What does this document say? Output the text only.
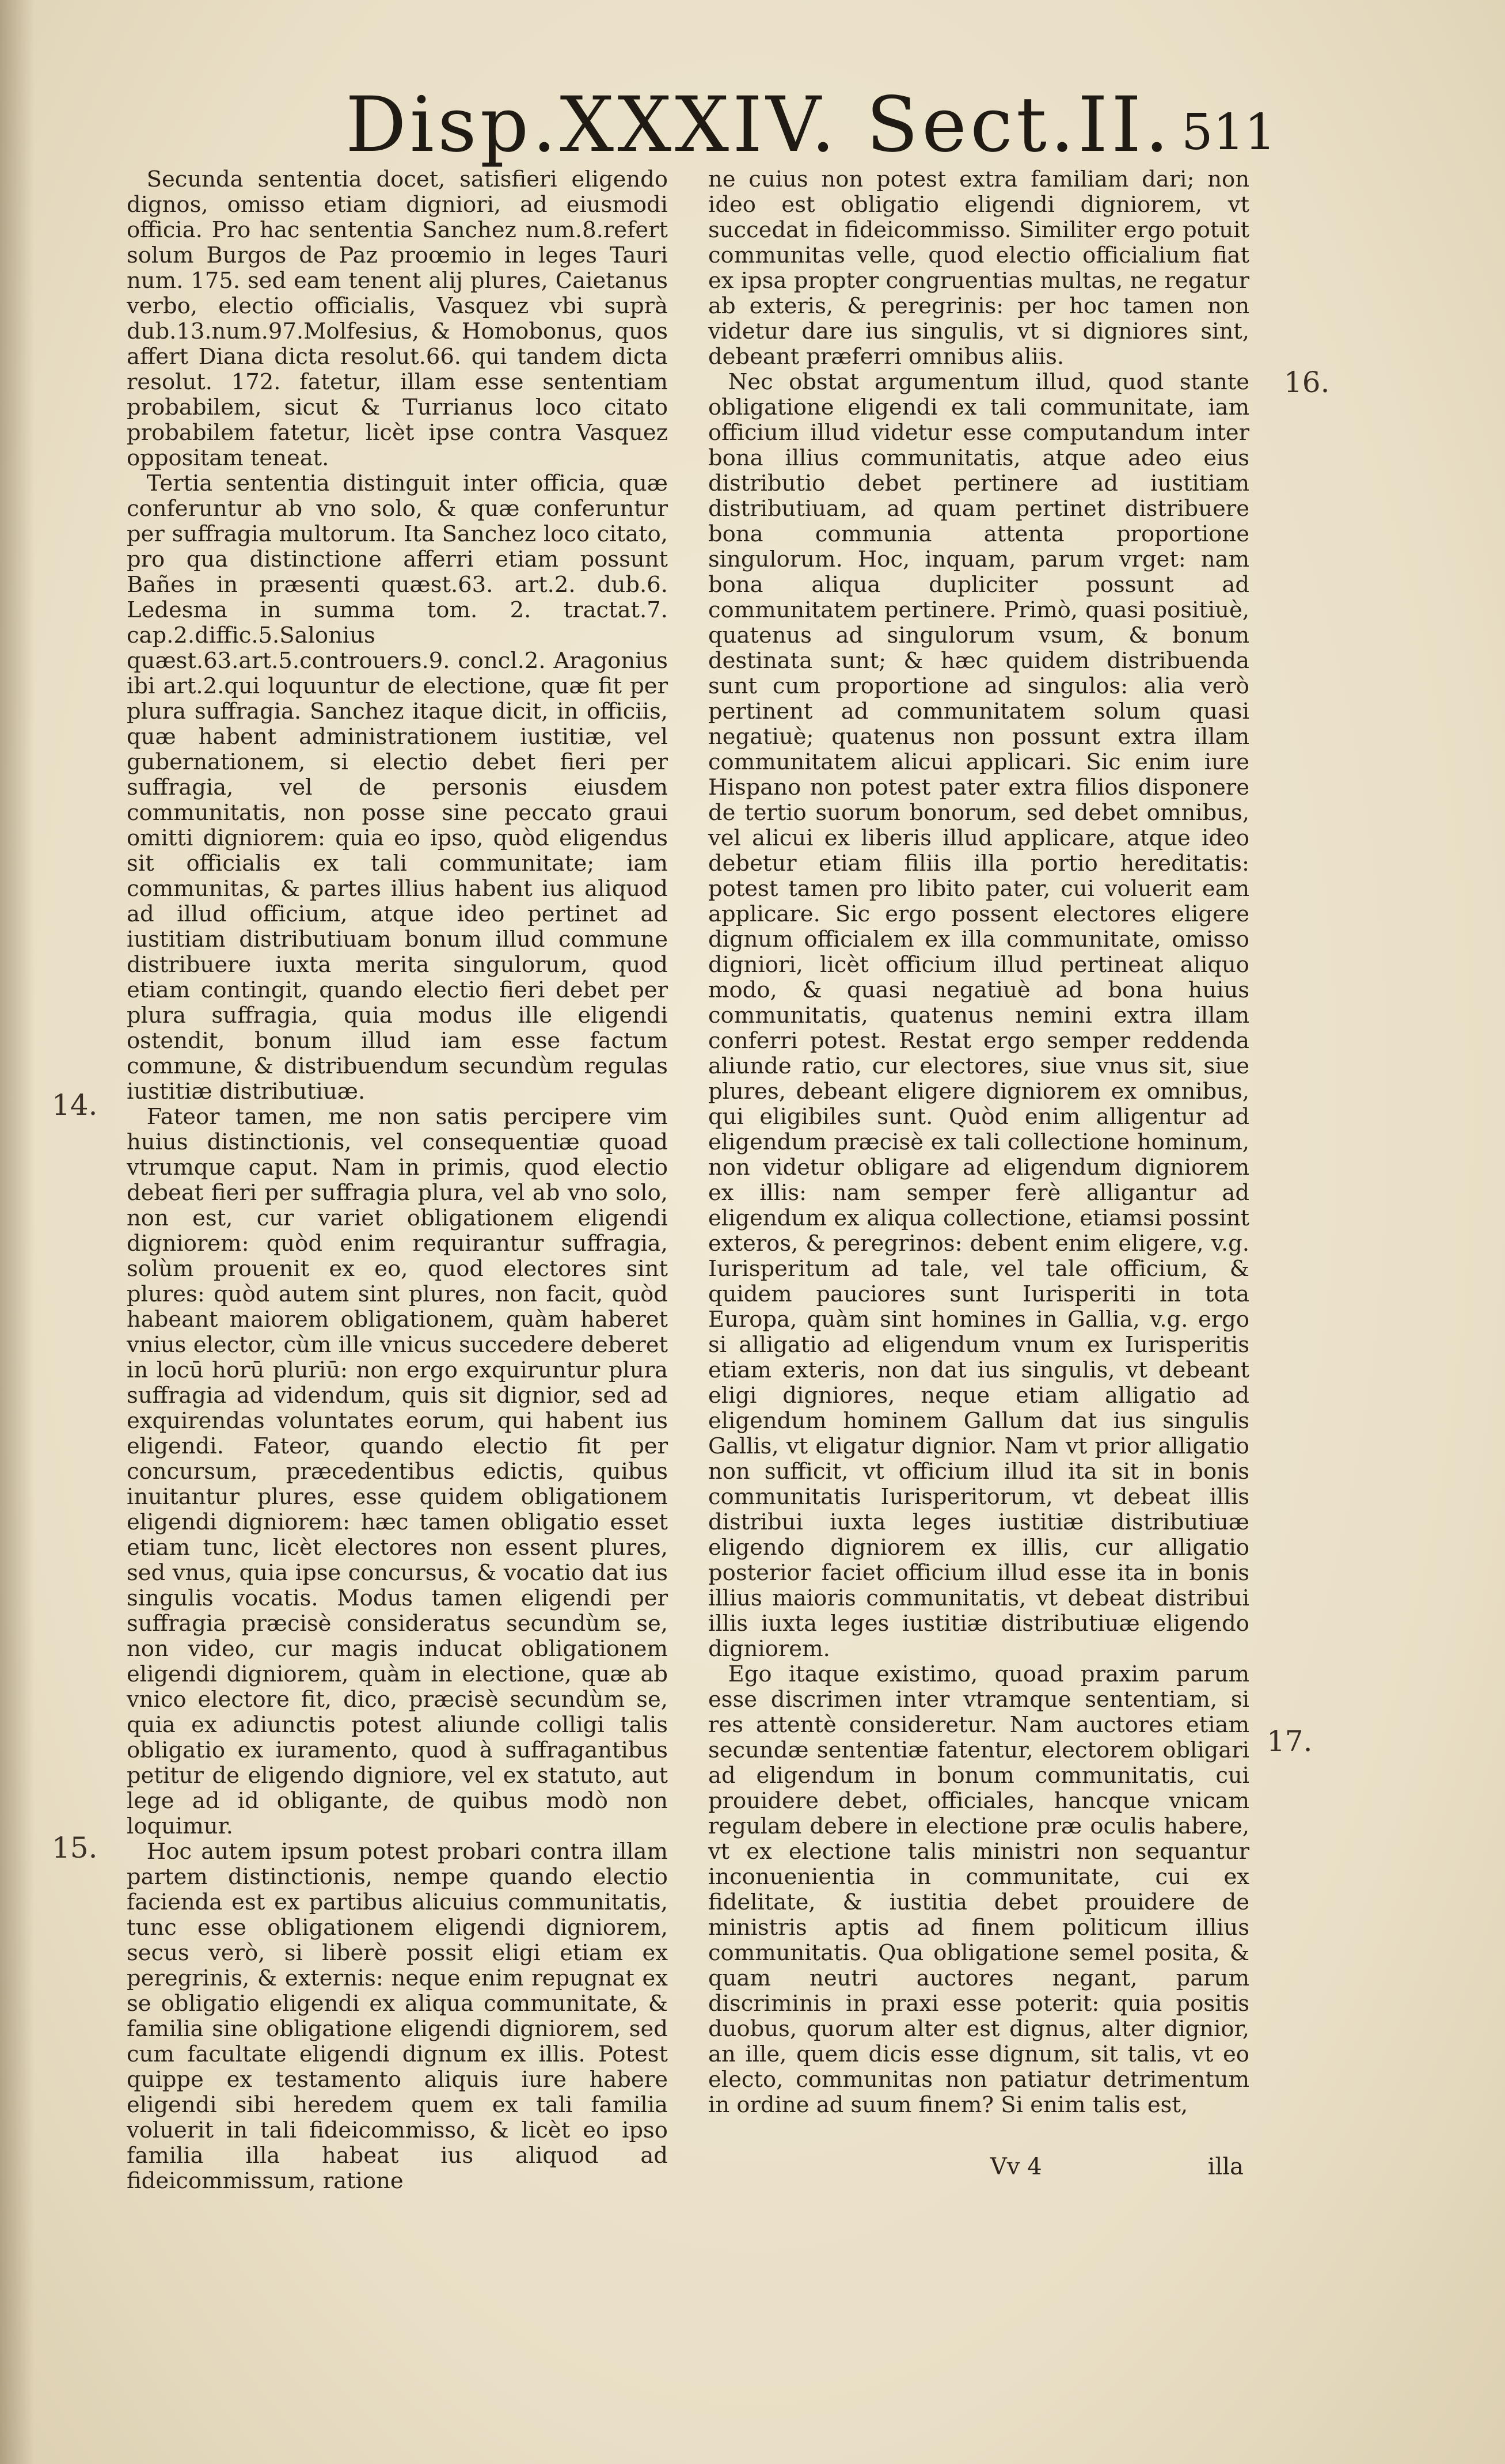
Disp.XXXIV. Sect.II. 511

Secunda sententia docet, satisfieri eligendo dignos, omisso etiam digniori, ad eiusmodi officia. Pro hac sententia Sanchez num.8.refert solum Burgos de Paz proœmio in leges Tauri num. 175. sed eam tenent alij plures, Caietanus verbo, electio officialis, Vasquez vbi suprà dub.13.num.97.Molfesius, & Homobonus, quos affert Diana dicta resolut.66. qui tandem dicta resolut. 172. fatetur, illam esse sententiam probabilem, sicut & Turrianus loco citato probabilem fatetur, licèt ipse contra Vasquez oppositam teneat.

Tertia sententia distinguit inter officia, quæ conferuntur ab vno solo, & quæ conferuntur per suffragia multorum. Ita Sanchez loco citato, pro qua distinctione afferri etiam possunt Bañes in præsenti quæst.63. art.2. dub.6. Ledesma in summa tom. 2. tractat.7. cap.2.diffic.5.Salonius quæst.63.art.5.controuers.9. concl.2. Aragonius ibi art.2.qui loquuntur de electione, quæ fit per plura suffragia. Sanchez itaque dicit, in officiis, quæ habent administrationem iustitiæ, vel gubernationem, si electio debet fieri per suffragia, vel de personis eiusdem communitatis, non posse sine peccato graui omitti digniorem: quia eo ipso, quòd eligendus sit officialis ex tali communitate; iam communitas, & partes illius habent ius aliquod ad illud officium, atque ideo pertinet ad iustitiam distributiuam bonum illud commune distribuere iuxta merita singulorum, quod etiam contingit, quando electio fieri debet per plura suffragia, quia modus ille eligendi ostendit, bonum illud iam esse factum commune, & distribuendum secundùm regulas iustitiæ distributiuæ.

Fateor tamen, me non satis percipere vim huius distinctionis, vel consequentiæ quoad vtrumque caput. Nam in primis, quod electio debeat fieri per suffragia plura, vel ab vno solo, non est, cur variet obligationem eligendi digniorem: quòd enim requirantur suffragia, solùm prouenit ex eo, quod electores sint plures: quòd autem sint plures, non facit, quòd habeant maiorem obligationem, quàm haberet vnius elector, cùm ille vnicus succedere deberet in locū horū pluriū: non ergo exquiruntur plura suffragia ad videndum, quis sit dignior, sed ad exquirendas voluntates eorum, qui habent ius eligendi. Fateor, quando electio fit per concursum, præcedentibus edictis, quibus inuitantur plures, esse quidem obligationem eligendi digniorem: hæc tamen obligatio esset etiam tunc, licèt electores non essent plures, sed vnus, quia ipse concursus, & vocatio dat ius singulis vocatis. Modus tamen eligendi per suffragia præcisè consideratus secundùm se, non video, cur magis inducat obligationem eligendi digniorem, quàm in electione, quæ ab vnico electore fit, dico, præcisè secundùm se, quia ex adiunctis potest aliunde colligi talis obligatio ex iuramento, quod à suffragantibus petitur de eligendo digniore, vel ex statuto, aut lege ad id obligante, de quibus modò non loquimur.

Hoc autem ipsum potest probari contra illam partem distinctionis, nempe quando electio facienda est ex partibus alicuius communitatis, tunc esse obligationem eligendi digniorem, secus verò, si liberè possit eligi etiam ex peregrinis, & externis: neque enim repugnat ex se obligatio eligendi ex aliqua communitate, & familia sine obligatione eligendi digniorem, sed cum facultate eligendi dignum ex illis. Potest quippe ex testamento aliquis iure habere eligendi sibi heredem quem ex tali familia voluerit in tali fideicommisso, & licèt eo ipso familia illa habeat ius aliquod ad fideicommissum, ratione

ne cuius non potest extra familiam dari; non ideo est obligatio eligendi digniorem, vt succedat in fideicommisso. Similiter ergo potuit communitas velle, quod electio officialium fiat ex ipsa propter congruentias multas, ne regatur ab exteris, & peregrinis: per hoc tamen non videtur dare ius singulis, vt si digniores sint, debeant præferri omnibus aliis.

Nec obstat argumentum illud, quod stante obligatione eligendi ex tali communitate, iam officium illud videtur esse computandum inter bona illius communitatis, atque adeo eius distributio debet pertinere ad iustitiam distributiuam, ad quam pertinet distribuere bona communia attenta proportione singulorum. Hoc, inquam, parum vrget: nam bona aliqua dupliciter possunt ad communitatem pertinere. Primò, quasi positiuè, quatenus ad singulorum vsum, & bonum destinata sunt; & hæc quidem distribuenda sunt cum proportione ad singulos: alia verò pertinent ad communitatem solum quasi negatiuè; quatenus non possunt extra illam communitatem alicui applicari. Sic enim iure Hispano non potest pater extra filios disponere de tertio suorum bonorum, sed debet omnibus, vel alicui ex liberis illud applicare, atque ideo debetur etiam filiis illa portio hereditatis: potest tamen pro libito pater, cui voluerit eam applicare. Sic ergo possent electores eligere dignum officialem ex illa communitate, omisso digniori, licèt officium illud pertineat aliquo modo, & quasi negatiuè ad bona huius communitatis, quatenus nemini extra illam conferri potest. Restat ergo semper reddenda aliunde ratio, cur electores, siue vnus sit, siue plures, debeant eligere digniorem ex omnibus, qui eligibiles sunt. Quòd enim alligentur ad eligendum præcisè ex tali collectione hominum, non videtur obligare ad eligendum digniorem ex illis: nam semper ferè alligantur ad eligendum ex aliqua collectione, etiamsi possint exteros, & peregrinos: debent enim eligere, v.g. Iurisperitum ad tale, vel tale officium, & quidem pauciores sunt Iurisperiti in tota Europa, quàm sint homines in Gallia, v.g. ergo si alligatio ad eligendum vnum ex Iurisperitis etiam exteris, non dat ius singulis, vt debeant eligi digniores, neque etiam alligatio ad eligendum hominem Gallum dat ius singulis Gallis, vt eligatur dignior. Nam vt prior alligatio non sufficit, vt officium illud ita sit in bonis communitatis Iurisperitorum, vt debeat illis distribui iuxta leges iustitiæ distributiuæ eligendo digniorem ex illis, cur alligatio posterior faciet officium illud esse ita in bonis illius maioris communitatis, vt debeat distribui illis iuxta leges iustitiæ distributiuæ eligendo digniorem.

Ego itaque existimo, quoad praxim parum esse discrimen inter vtramque sententiam, si res attentè consideretur. Nam auctores etiam secundæ sententiæ fatentur, electorem obligari ad eligendum in bonum communitatis, cui prouidere debet, officiales, hancque vnicam regulam debere in electione præ oculis habere, vt ex electione talis ministri non sequantur inconuenientia in communitate, cui ex fidelitate, & iustitia debet prouidere de ministris aptis ad finem politicum illius communitatis. Qua obligatione semel posita, & quam neutri auctores negant, parum discriminis in praxi esse poterit: quia positis duobus, quorum alter est dignus, alter dignior, an ille, quem dicis esse dignum, sit talis, vt eo electo, communitas non patiatur detrimentum in ordine ad suum finem? Si enim talis est,

14.
15.
16.
17.
Vv 4	illa
